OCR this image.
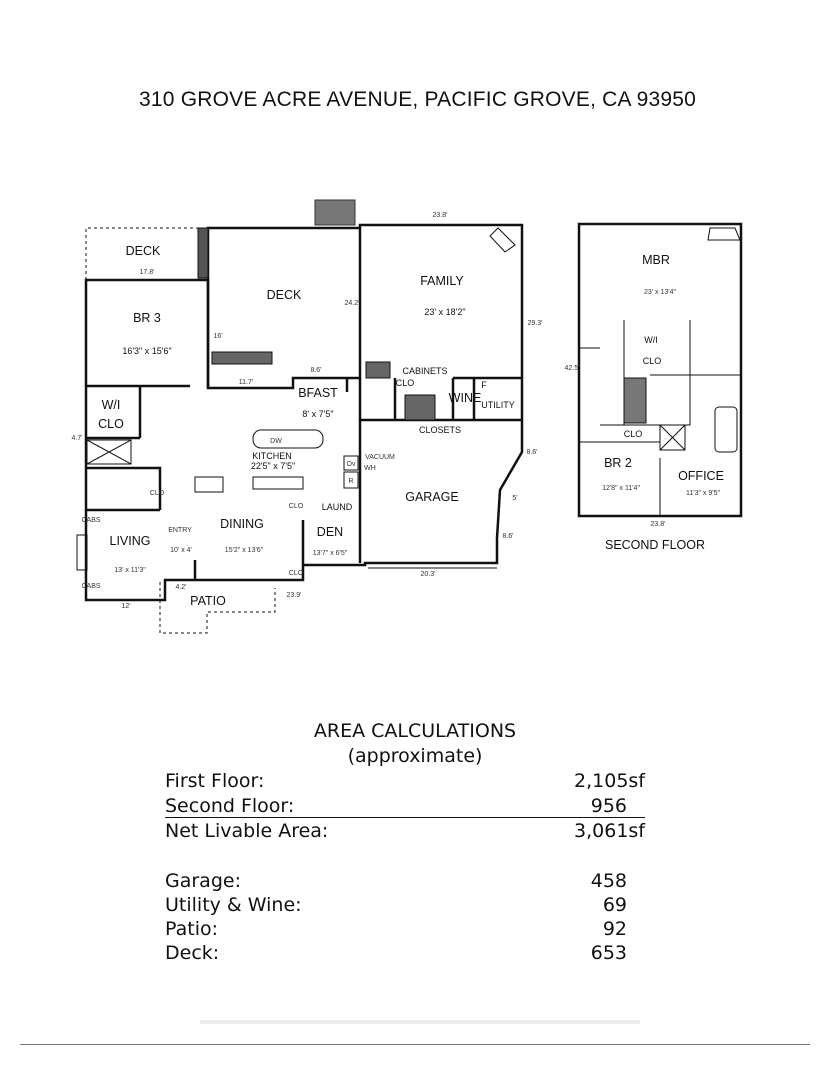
310 GROVE ACRE AVENUE, PACIFIC GROVE, CA 93950
DECK
17.8'
BR 3
16'3" x 15'6"
DECK
16'
24.2'
8.6'
11.7'
FAMILY
23' x 18'2"
23.8'
29.3'
W/I
CLO
BFAST
8' x 7'5"
CABINETS
CLO
WINE
F
UTILITY
CLOSETS
DW
KITCHEN
22'5" x 7'5"	Ov
R
VACUUM
WH
GARAGE
8.6'
5'
8.6'
20.3'
LAUND
DEN
13'7" x 6'5"
CLO
CLO
DINING
15'2" x 13'6"
ENTRY
10' x 4'
LIVING
13' x 11'3"
CABS
CABS
CLO
4.7'
PATIO
4.2'
12'
23.9'
MBR
23' x 13'4"
W/I
CLO
CLO
BR 2
12'8" x 11'4"
OFFICE
11'3" x 9'5"
42.5'
23.8'
SECOND FLOOR
AREA CALCULATIONS
(approximate)
First Floor:	2,105sf
Second Floor:	956
Net Livable Area:	3,061sf
Garage:	458
Utility & Wine:	69
Patio:	92
Deck:	653
